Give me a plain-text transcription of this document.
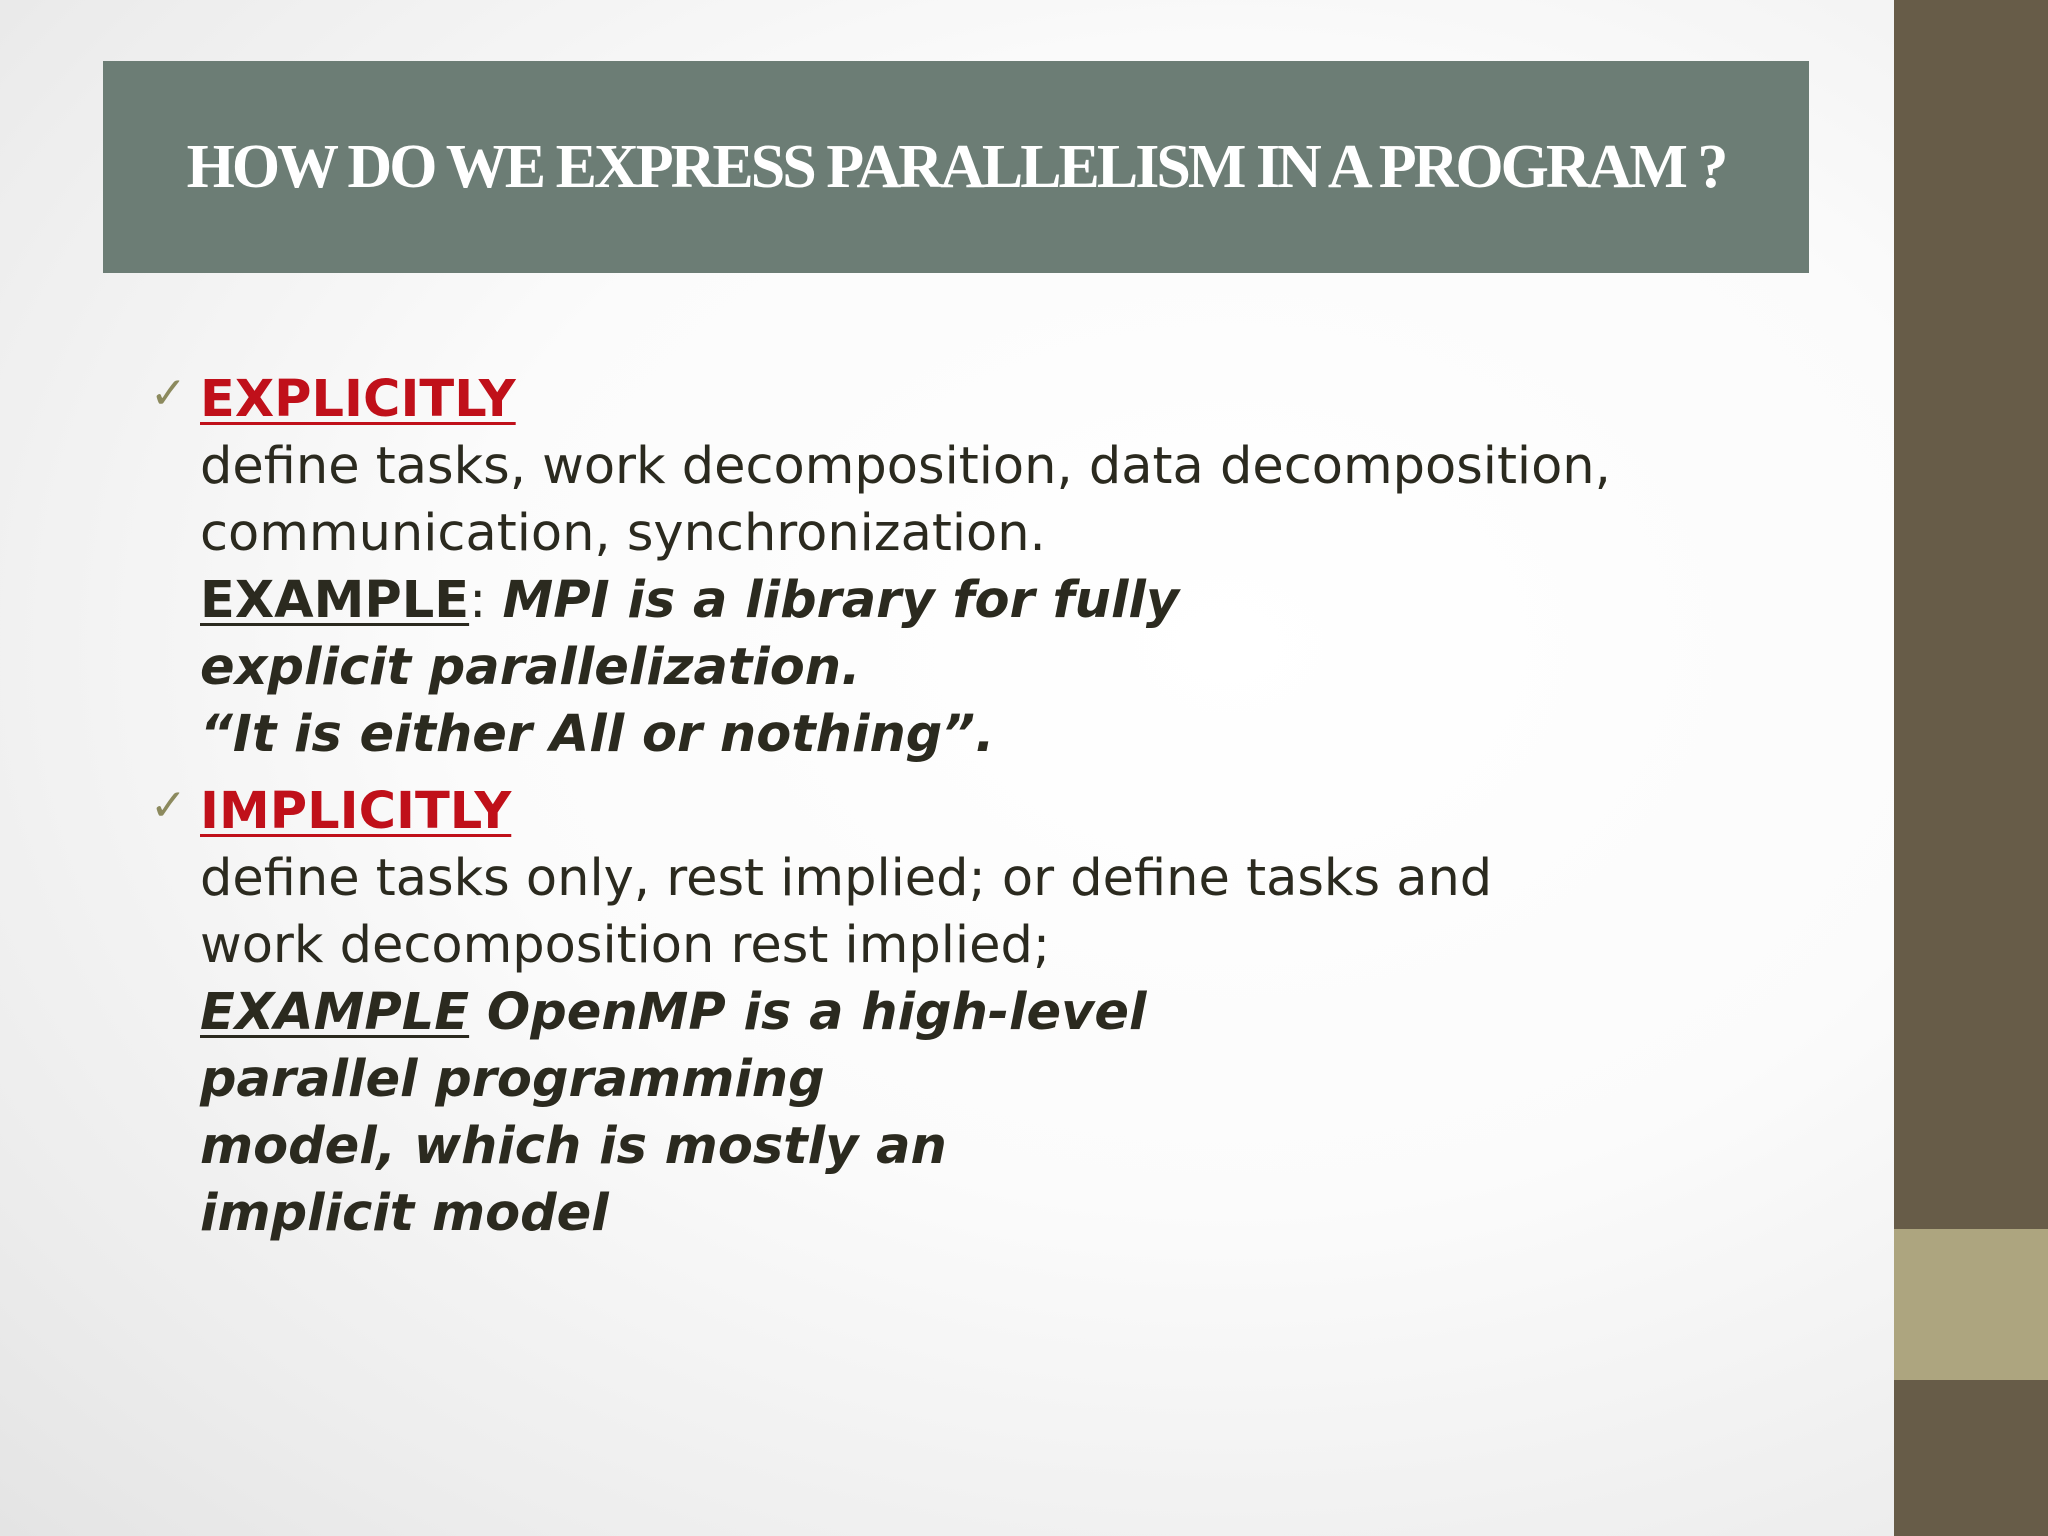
HOW DO WE EXPRESS PARALLELISM IN A PROGRAM ?
✓ EXPLICITLY
define tasks, work decomposition, data decomposition,
communication, synchronization.
EXAMPLE: MPI is a library for fully
explicit parallelization.
“It is either All or nothing”.
✓ IMPLICITLY
define tasks only, rest implied; or define tasks and
work decomposition rest implied;
EXAMPLE OpenMP is a high-level
parallel programming
model, which is mostly an
implicit model
